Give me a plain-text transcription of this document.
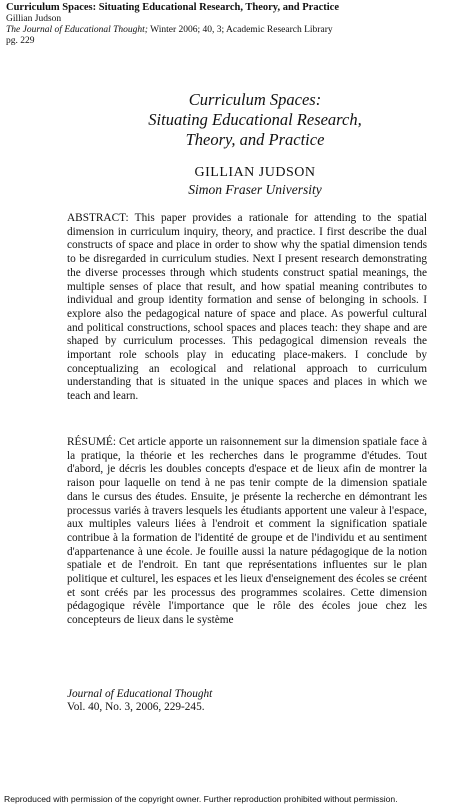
Curriculum Spaces: Situating Educational Research, Theory, and Practice
Gillian Judson
The Journal of Educational Thought; Winter 2006; 40, 3; Academic Research Library
pg. 229
Curriculum Spaces:
Situating Educational Research,
Theory, and Practice
GILLIAN JUDSON
Simon Fraser University

ABSTRACT: This paper provides a rationale for attending to the spatial dimension in curriculum inquiry, theory, and practice. I first describe the dual constructs of space and place in order to show why the spatial dimension tends to be disregarded in curriculum studies. Next I present research demonstrating the diverse processes through which students construct spatial meanings, the multiple senses of place that result, and how spatial meaning contributes to individual and group identity formation and sense of belonging in schools. I explore also the pedagogical nature of space and place. As powerful cultural and political constructions, school spaces and places teach: they shape and are shaped by curriculum processes. This pedagogical dimension reveals the important role schools play in educating place-makers. I conclude by conceptualizing an ecological and relational approach to curriculum understanding that is situated in the unique spaces and places in which we teach and learn.

RÉSUMÉ: Cet article apporte un raisonnement sur la dimension spatiale face à la pratique, la théorie et les recherches dans le programme d'études. Tout d'abord, je décris les doubles concepts d'espace et de lieux afin de montrer la raison pour laquelle on tend à ne pas tenir compte de la dimension spatiale dans le cursus des études. Ensuite, je présente la recherche en démontrant les processus variés à travers lesquels les étudiants apportent une valeur à l'espace, aux multiples valeurs liées à l'endroit et comment la signification spatiale contribue à la formation de l'identité de groupe et de l'individu et au sentiment d'appartenance à une école. Je fouille aussi la nature pédagogique de la notion spatiale et de l'endroit. En tant que représentations influentes sur le plan politique et culturel, les espaces et les lieux d'enseignement des écoles se créent et sont créés par les processus des programmes scolaires. Cette dimension pédagogique révèle l'importance que le rôle des écoles joue chez les concepteurs de lieux dans le système

Journal of Educational Thought
Vol. 40, No. 3, 2006, 229-245.
Reproduced with permission of the copyright owner. Further reproduction prohibited without permission.
